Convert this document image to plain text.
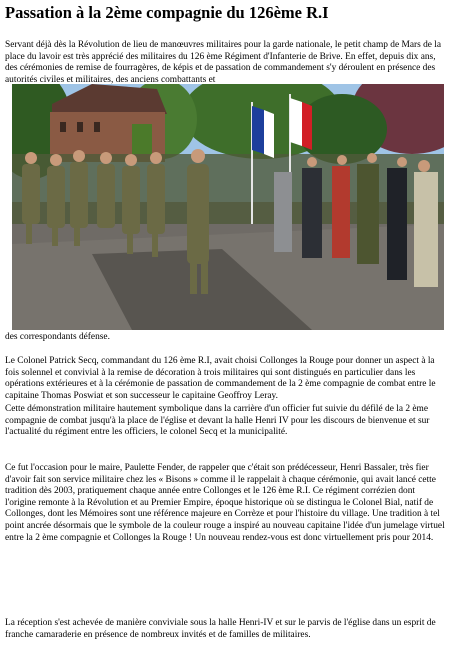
Passation à la 2ème compagnie du 126ème R.I

Servant déjà dès la Révolution de lieu de manœuvres militaires pour la garde nationale, le petit champ de Mars de la place du lavoir est très apprécié des militaires du 126 ème Régiment d'Infanterie de Brive. En effet, depuis dix ans, des cérémonies de remise de fourragères, de képis et de passation de commandement s'y déroulent en présence des autorités civiles et militaires, des anciens combattants et

des correspondants défense.

Le Colonel Patrick Secq, commandant du 126 ème R.I, avait choisi Collonges la Rouge pour donner un aspect à la fois solennel et convivial à la remise de décoration à trois militaires qui sont distingués en particulier dans les opérations extérieures et à la cérémonie de passation de commandement de la 2 ème compagnie de combat entre le capitaine Thomas Poswiat et son successeur le capitaine Geoffroy Leray.

Cette démonstration militaire hautement symbolique dans la carrière d'un officier fut suivie du défilé de la 2 ème compagnie de combat jusqu'à la place de l'église et devant la halle Henri IV pour les discours de bienvenue et sur l'actualité du régiment entre les officiers, le colonel Secq et la municipalité.

Ce fut l'occasion pour le maire, Paulette Fender, de rappeler que c'était son prédécesseur, Henri Bassaler, très fier d'avoir fait son service militaire chez les « Bisons » comme il le rappelait à chaque cérémonie, qui avait lancé cette tradition dès 2003, pratiquement chaque année entre Collonges et le 126 ème R.I. Ce régiment corrézien dont l'origine remonte à la Révolution et au Premier Empire, époque historique où se distingua le Colonel Bial, natif de Collonges, dont les Mémoires sont une référence majeure en Corrèze et pour l'histoire du village. Une tradition à tel point ancrée désormais que le symbole de la couleur rouge a inspiré au nouveau capitaine l'idée d'un jumelage virtuel entre la 2 ème compagnie et Collonges la Rouge ! Un nouveau rendez-vous est donc virtuellement pris pour 2014.

La réception s'est achevée de manière conviviale sous la halle Henri-IV et sur le parvis de l'église dans un esprit de franche camaraderie en présence de nombreux invités et de familles de militaires.
